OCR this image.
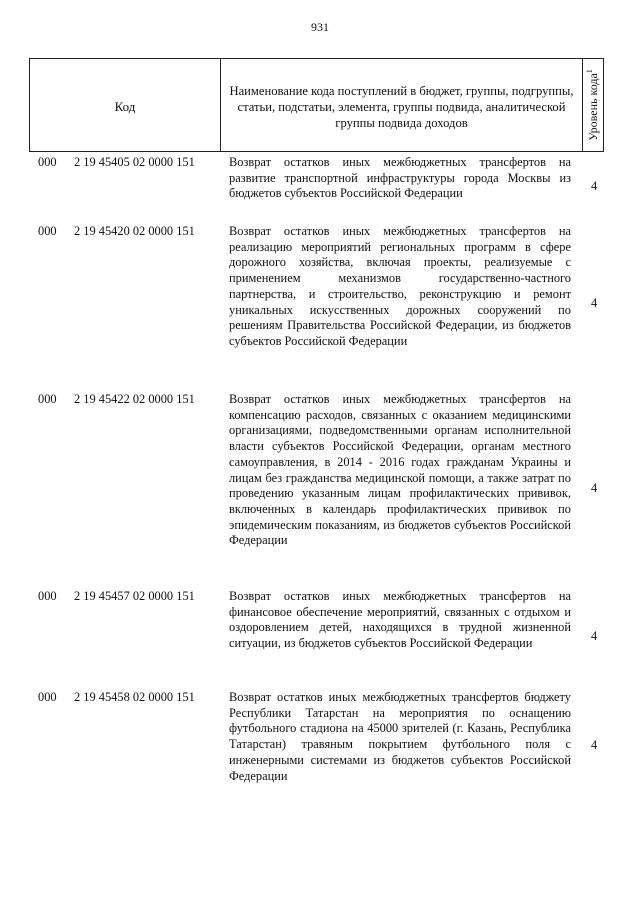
931
Код
Наименование кода поступлений в бюджет, группы, подгруппы, статьи, подстатьи, элемента, группы подвида, аналитической группы подвида доходов	Уровень кода$^1$
000 2 19 45405 02 0000 151	Возврат остатков иных межбюджетных трансфертов на развитие транспортной инфраструктуры города Москвы из бюджетов субъектов Российской Федерации
4
000 2 19 45420 02 0000 151	Возврат остатков иных межбюджетных трансфертов на реализацию мероприятий региональных программ в сфере дорожного хозяйства, включая проекты, реализуемые с применением механизмов государственно-частного партнерства, и строительство, реконструкцию и ремонт уникальных искусственных дорожных сооружений по решениям Правительства Российской Федерации, из бюджетов субъектов Российской Федерации
4
000 2 19 45422 02 0000 151	Возврат остатков иных межбюджетных трансфертов на компенсацию расходов, связанных с оказанием медицинскими организациями, подведомственными органам исполнительной власти субъектов Российской Федерации, органам местного самоуправления, в 2014 - 2016 годах гражданам Украины и лицам без гражданства медицинской помощи, а также затрат по проведению указанным лицам профилактических прививок, включенных в календарь профилактических прививок по эпидемическим показаниям, из бюджетов субъектов Российской Федерации
4
000 2 19 45457 02 0000 151	Возврат остатков иных межбюджетных трансфертов на финансовое обеспечение мероприятий, связанных с отдыхом и оздоровлением детей, находящихся в трудной жизненной ситуации, из бюджетов субъектов Российской Федерации
4
000 2 19 45458 02 0000 151	Возврат остатков иных межбюджетных трансфертов бюджету Республики Татарстан на мероприятия по оснащению футбольного стадиона на 45000 зрителей (г. Казань, Республика Татарстан) травяным покрытием футбольного поля с инженерными системами из бюджетов субъектов Российской Федерации
4
